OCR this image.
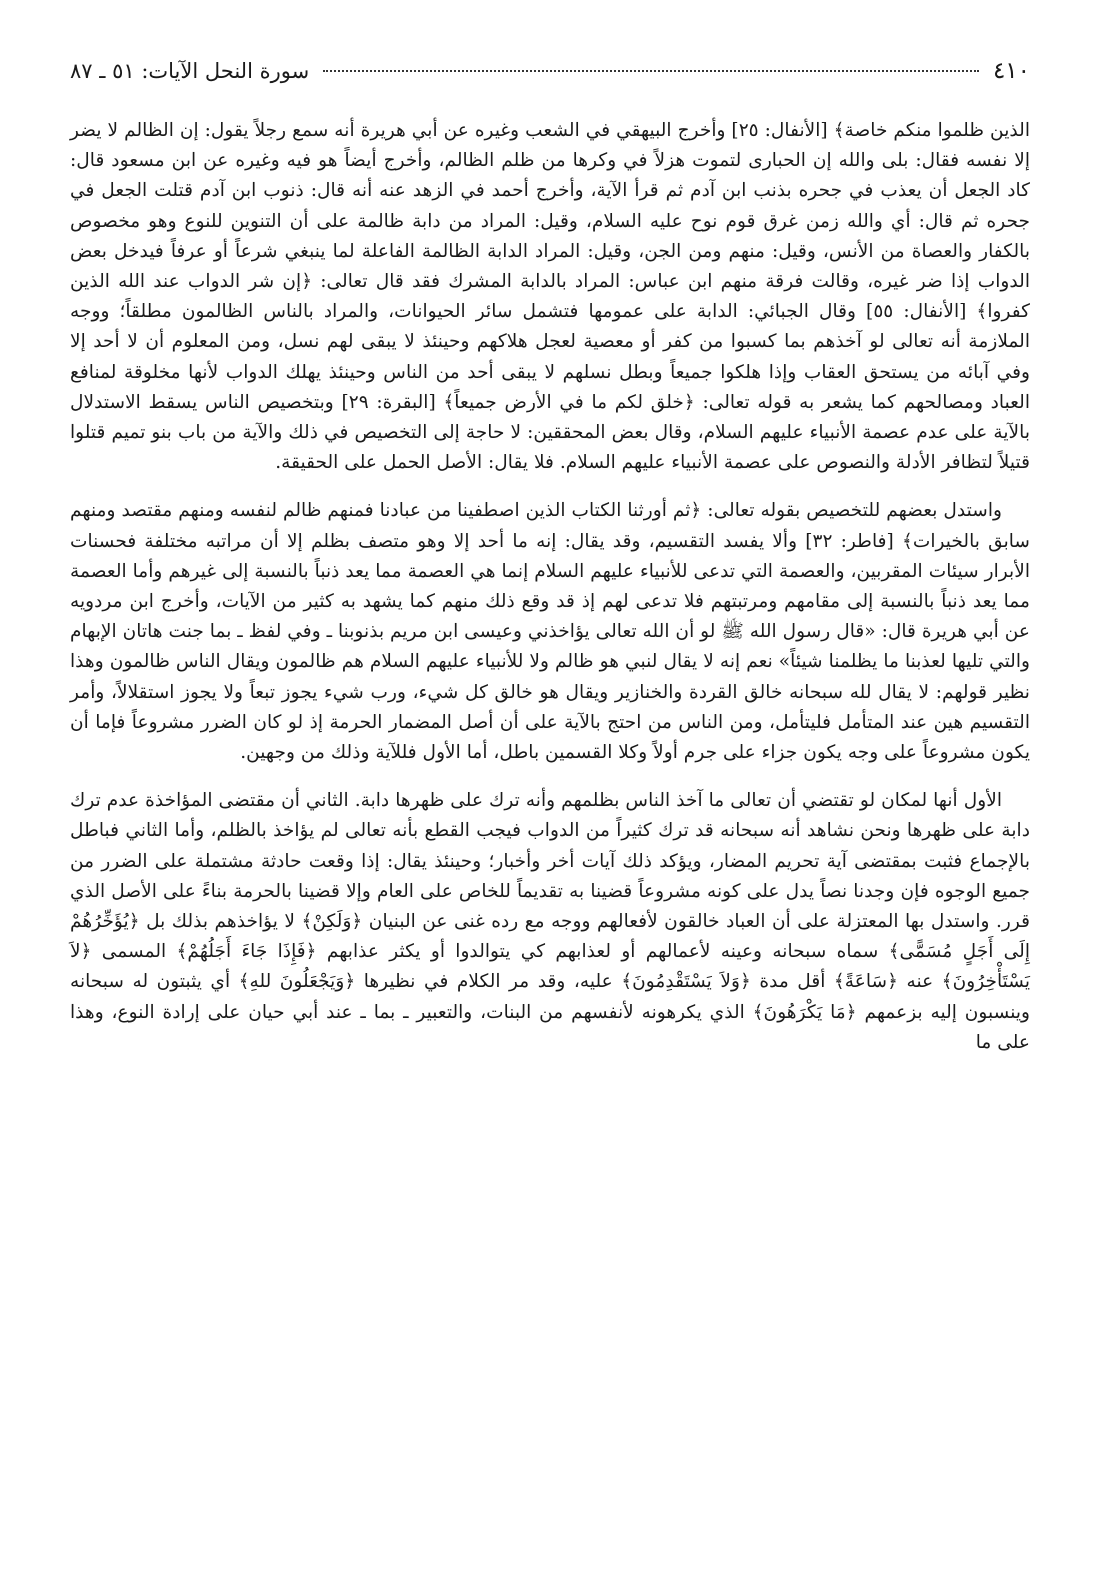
٤١٠
سورة النحل الآيات: ٥١ ـ ٨٧

الذين ظلموا منكم خاصة﴾ [الأنفال: ٢٥] وأخرج البيهقي في الشعب وغيره عن أبي هريرة أنه سمع رجلاً يقول: إن الظالم لا يضر إلا نفسه فقال: بلى والله إن الحبارى لتموت هزلاً في وكرها من ظلم الظالم، وأخرج أيضاً هو فيه وغيره عن ابن مسعود قال: كاد الجعل أن يعذب في جحره بذنب ابن آدم ثم قرأ الآية، وأخرج أحمد في الزهد عنه أنه قال: ذنوب ابن آدم قتلت الجعل في جحره ثم قال: أي والله زمن غرق قوم نوح عليه السلام، وقيل: المراد من دابة ظالمة على أن التنوين للنوع وهو مخصوص بالكفار والعصاة من الأنس، وقيل: منهم ومن الجن، وقيل: المراد الدابة الظالمة الفاعلة لما ينبغي شرعاً أو عرفاً فيدخل بعض الدواب إذا ضر غيره، وقالت فرقة منهم ابن عباس: المراد بالدابة المشرك فقد قال تعالى: ﴿إن شر الدواب عند الله الذين كفروا﴾ [الأنفال: ٥٥] وقال الجبائي: الدابة على عمومها فتشمل سائر الحيوانات، والمراد بالناس الظالمون مطلقاً؛ ووجه الملازمة أنه تعالى لو آخذهم بما كسبوا من كفر أو معصية لعجل هلاكهم وحينئذ لا يبقى لهم نسل، ومن المعلوم أن لا أحد إلا وفي آبائه من يستحق العقاب وإذا هلكوا جميعاً وبطل نسلهم لا يبقى أحد من الناس وحينئذ يهلك الدواب لأنها مخلوقة لمنافع العباد ومصالحهم كما يشعر به قوله تعالى: ﴿خلق لكم ما في الأرض جميعاً﴾ [البقرة: ٢٩] وبتخصيص الناس يسقط الاستدلال بالآية على عدم عصمة الأنبياء عليهم السلام، وقال بعض المحققين: لا حاجة إلى التخصيص في ذلك والآية من باب بنو تميم قتلوا قتيلاً لتظافر الأدلة والنصوص على عصمة الأنبياء عليهم السلام. فلا يقال: الأصل الحمل على الحقيقة.

واستدل بعضهم للتخصيص بقوله تعالى: ﴿ثم أورثنا الكتاب الذين اصطفينا من عبادنا فمنهم ظالم لنفسه ومنهم مقتصد ومنهم سابق بالخيرات﴾ [فاطر: ٣٢] وألا يفسد التقسيم، وقد يقال: إنه ما أحد إلا وهو متصف بظلم إلا أن مراتبه مختلفة فحسنات الأبرار سيئات المقربين، والعصمة التي تدعى للأنبياء عليهم السلام إنما هي العصمة مما يعد ذنباً بالنسبة إلى غيرهم وأما العصمة مما يعد ذنباً بالنسبة إلى مقامهم ومرتبتهم فلا تدعى لهم إذ قد وقع ذلك منهم كما يشهد به كثير من الآيات، وأخرج ابن مردويه عن أبي هريرة قال: «قال رسول الله ﷺ لو أن الله تعالى يؤاخذني وعيسى ابن مريم بذنوبنا ـ وفي لفظ ـ بما جنت هاتان الإبهام والتي تليها لعذبنا ما يظلمنا شيئاً» نعم إنه لا يقال لنبي هو ظالم ولا للأنبياء عليهم السلام هم ظالمون ويقال الناس ظالمون وهذا نظير قولهم: لا يقال لله سبحانه خالق القردة والخنازير ويقال هو خالق كل شيء، ورب شيء يجوز تبعاً ولا يجوز استقلالاً، وأمر التقسيم هين عند المتأمل فليتأمل، ومن الناس من احتج بالآية على أن أصل المضمار الحرمة إذ لو كان الضرر مشروعاً فإما أن يكون مشروعاً على وجه يكون جزاء على جرم أولاً وكلا القسمين باطل، أما الأول فللآية وذلك من وجهين.

الأول أنها لمكان لو تقتضي أن تعالى ما آخذ الناس بظلمهم وأنه ترك على ظهرها دابة. الثاني أن مقتضى المؤاخذة عدم ترك دابة على ظهرها ونحن نشاهد أنه سبحانه قد ترك كثيراً من الدواب فيجب القطع بأنه تعالى لم يؤاخذ بالظلم، وأما الثاني فباطل بالإجماع فثبت بمقتضى آية تحريم المضار، ويؤكد ذلك آيات أخر وأخبار؛ وحينئذ يقال: إذا وقعت حادثة مشتملة على الضرر من جميع الوجوه فإن وجدنا نصاً يدل على كونه مشروعاً قضينا به تقديماً للخاص على العام وإلا قضينا بالحرمة بناءً على الأصل الذي قرر. واستدل بها المعتزلة على أن العباد خالقون لأفعالهم ووجه مع رده غنى عن البنيان ﴿وَلَكِنْ﴾ لا يؤاخذهم بذلك بل ﴿يُؤَخِّرُهُمْ إِلَى أَجَلٍ مُسَمًّى﴾ سماه سبحانه وعينه لأعمالهم أو لعذابهم كي يتوالدوا أو يكثر عذابهم ﴿فَإِذَا جَاءَ أَجَلُهُمْ﴾ المسمى ﴿لاَ يَسْتَأْخِرُونَ﴾ عنه ﴿سَاعَةً﴾ أقل مدة ﴿وَلاَ يَسْتَقْدِمُونَ﴾ عليه، وقد مر الكلام في نظيرها ﴿وَيَجْعَلُونَ للهِ﴾ أي يثبتون له سبحانه وينسبون إليه بزعمهم ﴿مَا يَكْرَهُونَ﴾ الذي يكرهونه لأنفسهم من البنات، والتعبير ـ بما ـ عند أبي حيان على إرادة النوع، وهذا على ما
